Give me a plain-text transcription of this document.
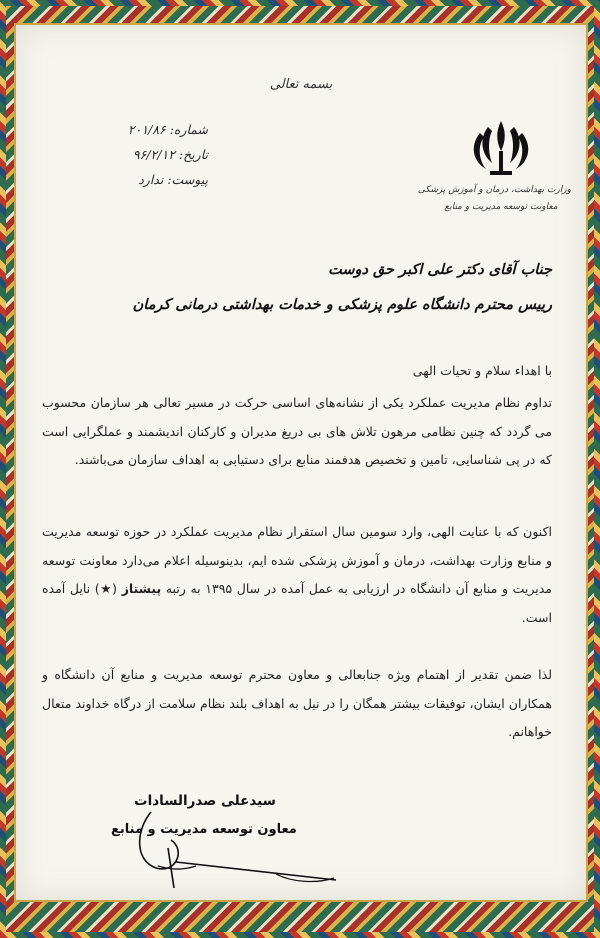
بسمه تعالی
شماره: ۲۰۱/۸۶
تاریخ: ۹۶/۲/۱۲
پیوست: ندارد
وزارت بهداشت، درمان و آموزش پزشکی
معاونت توسعه مدیریت و منابع
جناب آقای دکتر علی اکبر حق دوست
رییس محترم دانشگاه علوم پزشکی و خدمات بهداشتی درمانی کرمان
با اهداء سلام و تحیات الهی
تداوم نظام مدیریت عملکرد یکی از نشانه‌های اساسی حرکت در مسیر تعالی هر سازمان محسوب می گردد که چنین نظامی مرهون تلاش های بی دریغ مدیران و کارکنان اندیشمند و عملگرایی است که در پی شناسایی، تامین و تخصیص هدفمند منابع برای دستیابی به اهداف سازمان می‌باشند.
اکنون که با عنایت الهی، وارد سومین سال استقرار نظام مدیریت عملکرد در حوزه توسعه مدیریت و منابع وزارت بهداشت، درمان و آموزش پزشکی شده ایم، بدینوسیله اعلام می‌دارد معاونت توسعه مدیریت و منابع آن دانشگاه در ارزیابی به عمل آمده در سال ۱۳۹۵ به رتبه پیشتاز (★) نایل آمده است.
لذا ضمن تقدیر از اهتمام ویژه جنابعالی و معاون محترم توسعه مدیریت و منابع آن دانشگاه و همکاران ایشان، توفیقات بیشتر همگان را در نیل به اهداف بلند نظام سلامت از درگاه خداوند متعال خواهانم.
سیدعلی صدرالسادات
معاون توسعه مدیریت و منابع
